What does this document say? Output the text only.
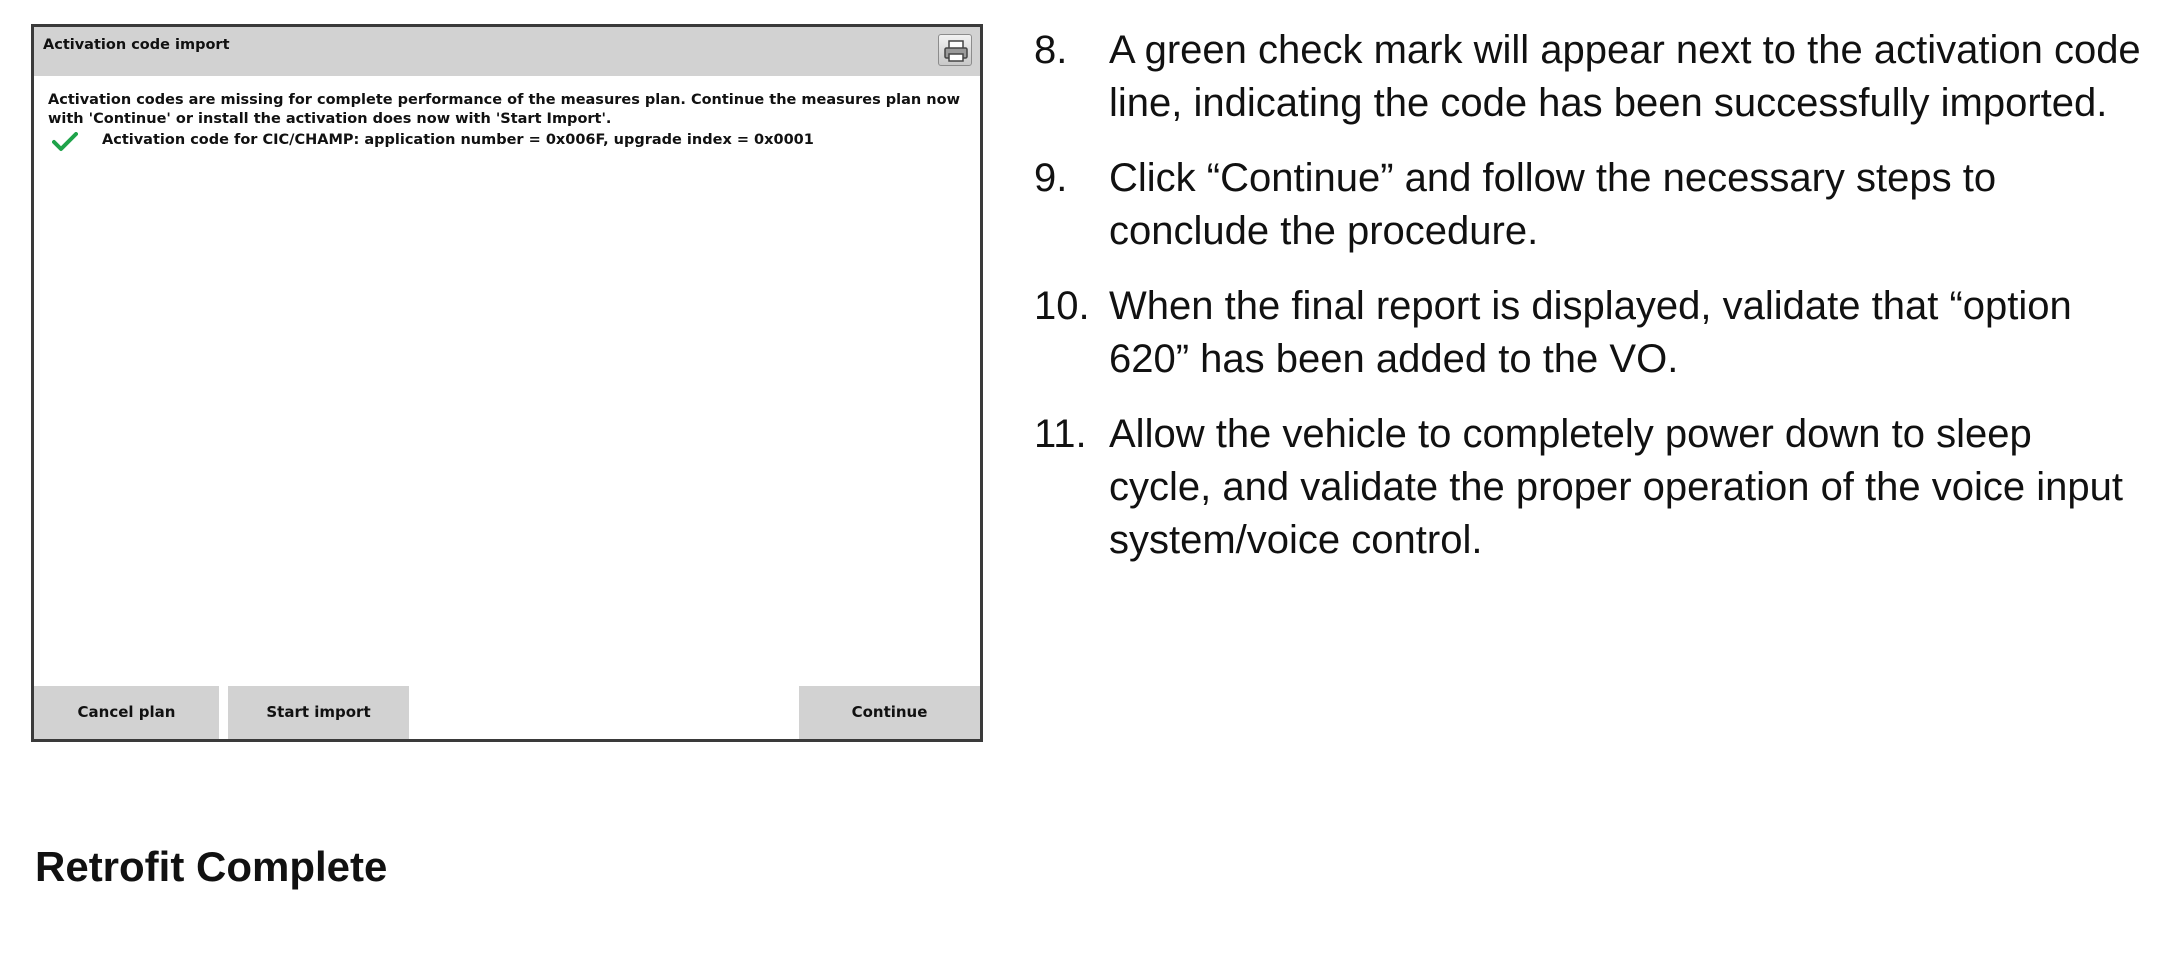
Activation code import

Activation codes are missing for complete performance of the measures plan. Continue the measures plan now with 'Continue' or install the activation does now with 'Start Import'.

Activation code for CIC/CHAMP: application number = 0x006F, upgrade index = 0x0001
Cancel plan	Start import	Continue
8. A green check mark will appear next to the activation code line, indicating the code has been successfully imported.
9. Click “Continue” and follow the necessary steps to conclude the procedure.
10. When the final report is displayed, validate that “option 620” has been added to the VO.
11. Allow the vehicle to completely power down to sleep cycle, and validate the proper operation of the voice input system/voice control.
Retrofit Complete
